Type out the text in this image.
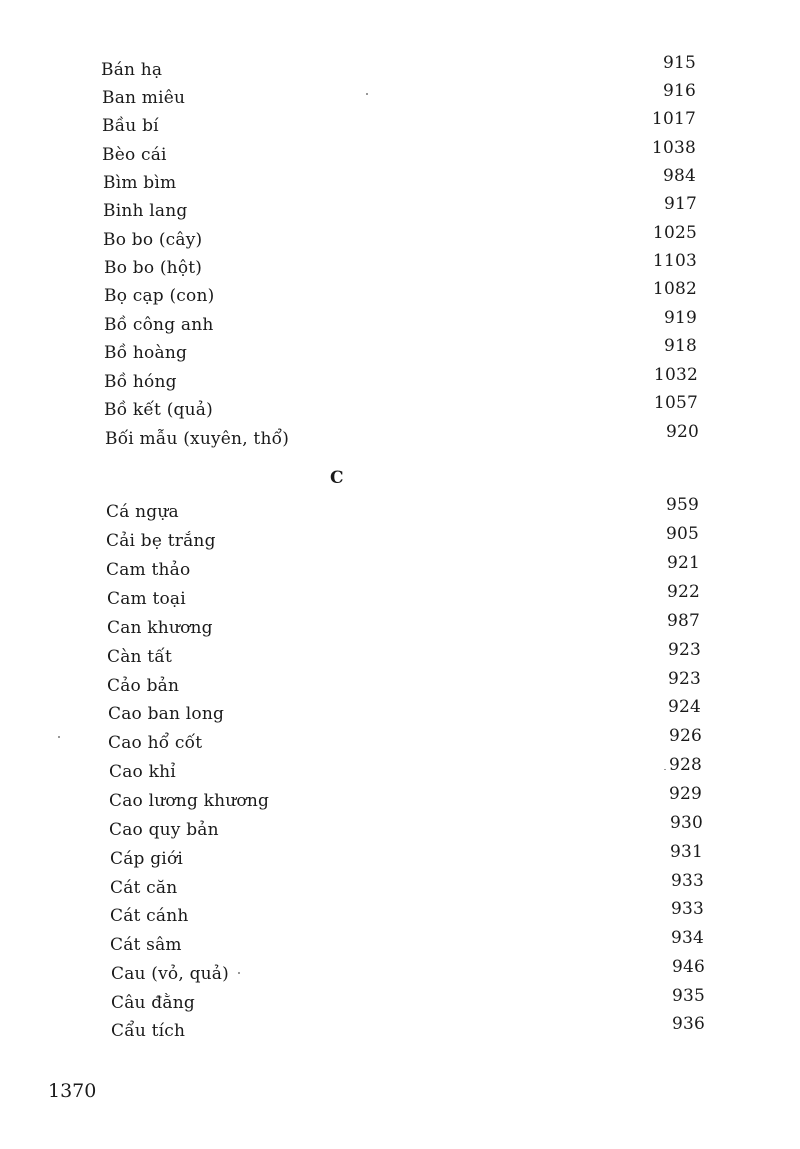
Bán hạ	915
Ban miêu	916
Bầu bí	1017
Bèo cái	1038
Bìm bìm	984
Binh lang	917
Bo bo (cây)	1025
Bo bo (hột)	1103
Bọ cạp (con)	1082
Bồ công anh	919
Bồ hoàng	918
Bồ hóng	1032
Bồ kết (quả)	1057
Bối mẫu (xuyên, thổ)	920
C
Cá ngựa	959
Cải bẹ trắng	905
Cam thảo	921
Cam toại	922
Can khương	987
Càn tất	923
Cảo bản	923
Cao ban long	924
Cao hổ cốt	926
Cao khỉ	928
Cao lương khương	929
Cao quy bản	930
Cáp giới	931
Cát căn	933
Cát cánh	933
Cát sâm	934
Cau (vỏ, quả)	946
Câu đằng	935
Cẩu tích	936
1370
